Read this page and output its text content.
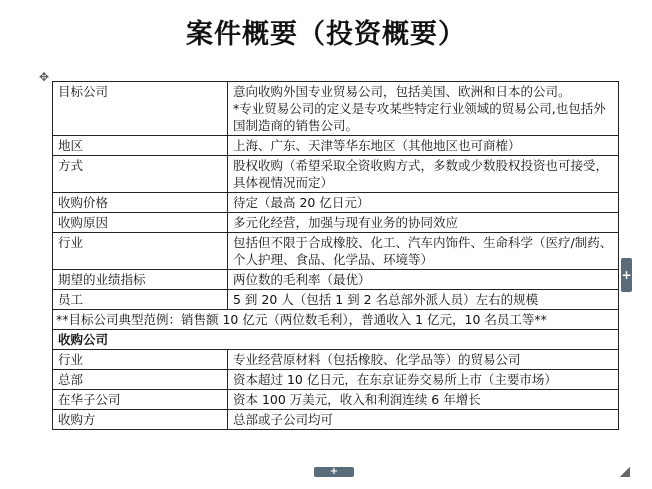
案件概要（投资概要）
✥
目标公司	意向收购外国专业贸易公司，包括美国、欧洲和日本的公司。
*专业贸易公司的定义是专攻某些特定行业领域的贸易公司,也包括外国制造商的销售公司。

地区	上海、广东、天津等华东地区（其他地区也可商榷）
方式	股权收购（希望采取全资收购方式，多数或少数股权投资也可接受，具体视情况而定）
收购价格	待定（最高 20 亿日元）
收购原因	多元化经营，加强与现有业务的协同效应
行业	包括但不限于合成橡胶、化工、汽车内饰件、生命科学（医疗/制药、个人护理、食品、化学品、环境等）
期望的业绩指标	两位数的毛利率（最优）
员工	5 到 20 人（包括 1 到 2 名总部外派人员）左右的规模
**目标公司典型范例：销售额 10 亿元（两位数毛利），普通收入 1 亿元，10 名员工等**	
收购公司	
行业	专业经营原材料（包括橡胶、化学品等）的贸易公司
总部	资本超过 10 亿日元，在东京证券交易所上市（主要市场）
在华子公司	资本 100 万美元，收入和利润连续 6 年增长
收购方	总部或子公司均可
+
+
